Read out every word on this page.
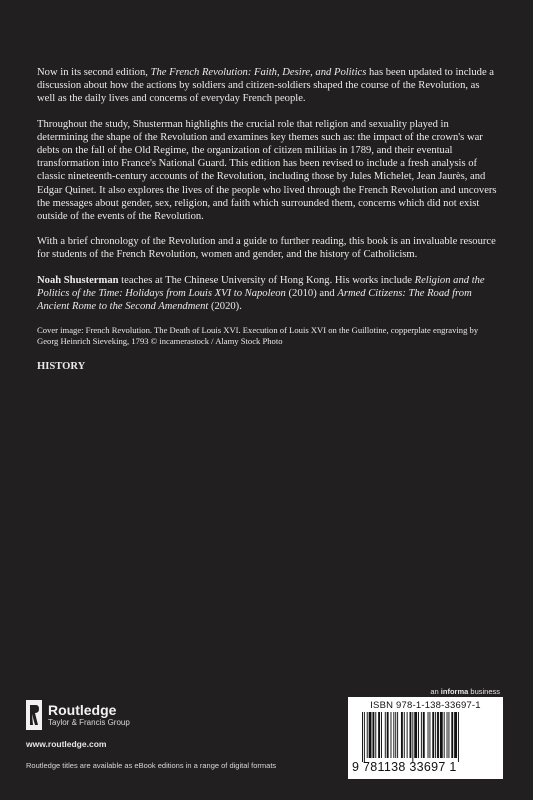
Now in its second edition, The French Revolution: Faith, Desire, and Politics has been updated to include a discussion about how the actions by soldiers and citizen-soldiers shaped the course of the Revolution, as well as the daily lives and concerns of everyday French people.

Throughout the study, Shusterman highlights the crucial role that religion and sexuality played in determining the shape of the Revolution and examines key themes such as: the impact of the crown's war debts on the fall of the Old Regime, the organization of citizen militias in 1789, and their eventual transformation into France's National Guard. This edition has been revised to include a fresh analysis of classic nineteenth-century accounts of the Revolution, including those by Jules Michelet, Jean Jaurès, and Edgar Quinet. It also explores the lives of the people who lived through the French Revolution and uncovers the messages about gender, sex, religion, and faith which surrounded them, concerns which did not exist outside of the events of the Revolution.

With a brief chronology of the Revolution and a guide to further reading, this book is an invaluable resource for students of the French Revolution, women and gender, and the history of Catholicism.

Noah Shusterman teaches at The Chinese University of Hong Kong. His works include Religion and the Politics of the Time: Holidays from Louis XVI to Napoleon (2010) and Armed Citizens: The Road from Ancient Rome to the Second Amendment (2020).

Cover image: French Revolution. The Death of Louis XVI. Execution of Louis XVI on the Guillotine, copperplate engraving by Georg Heinrich Sieveking, 1793 © incamerastock / Alamy Stock Photo

HISTORY
Routledge
Taylor & Francis Group
www.routledge.com
Routledge titles are available as eBook editions in a range of digital formats
an informa business
ISBN 978-1-138-33697-1
9 781138 33697 1
